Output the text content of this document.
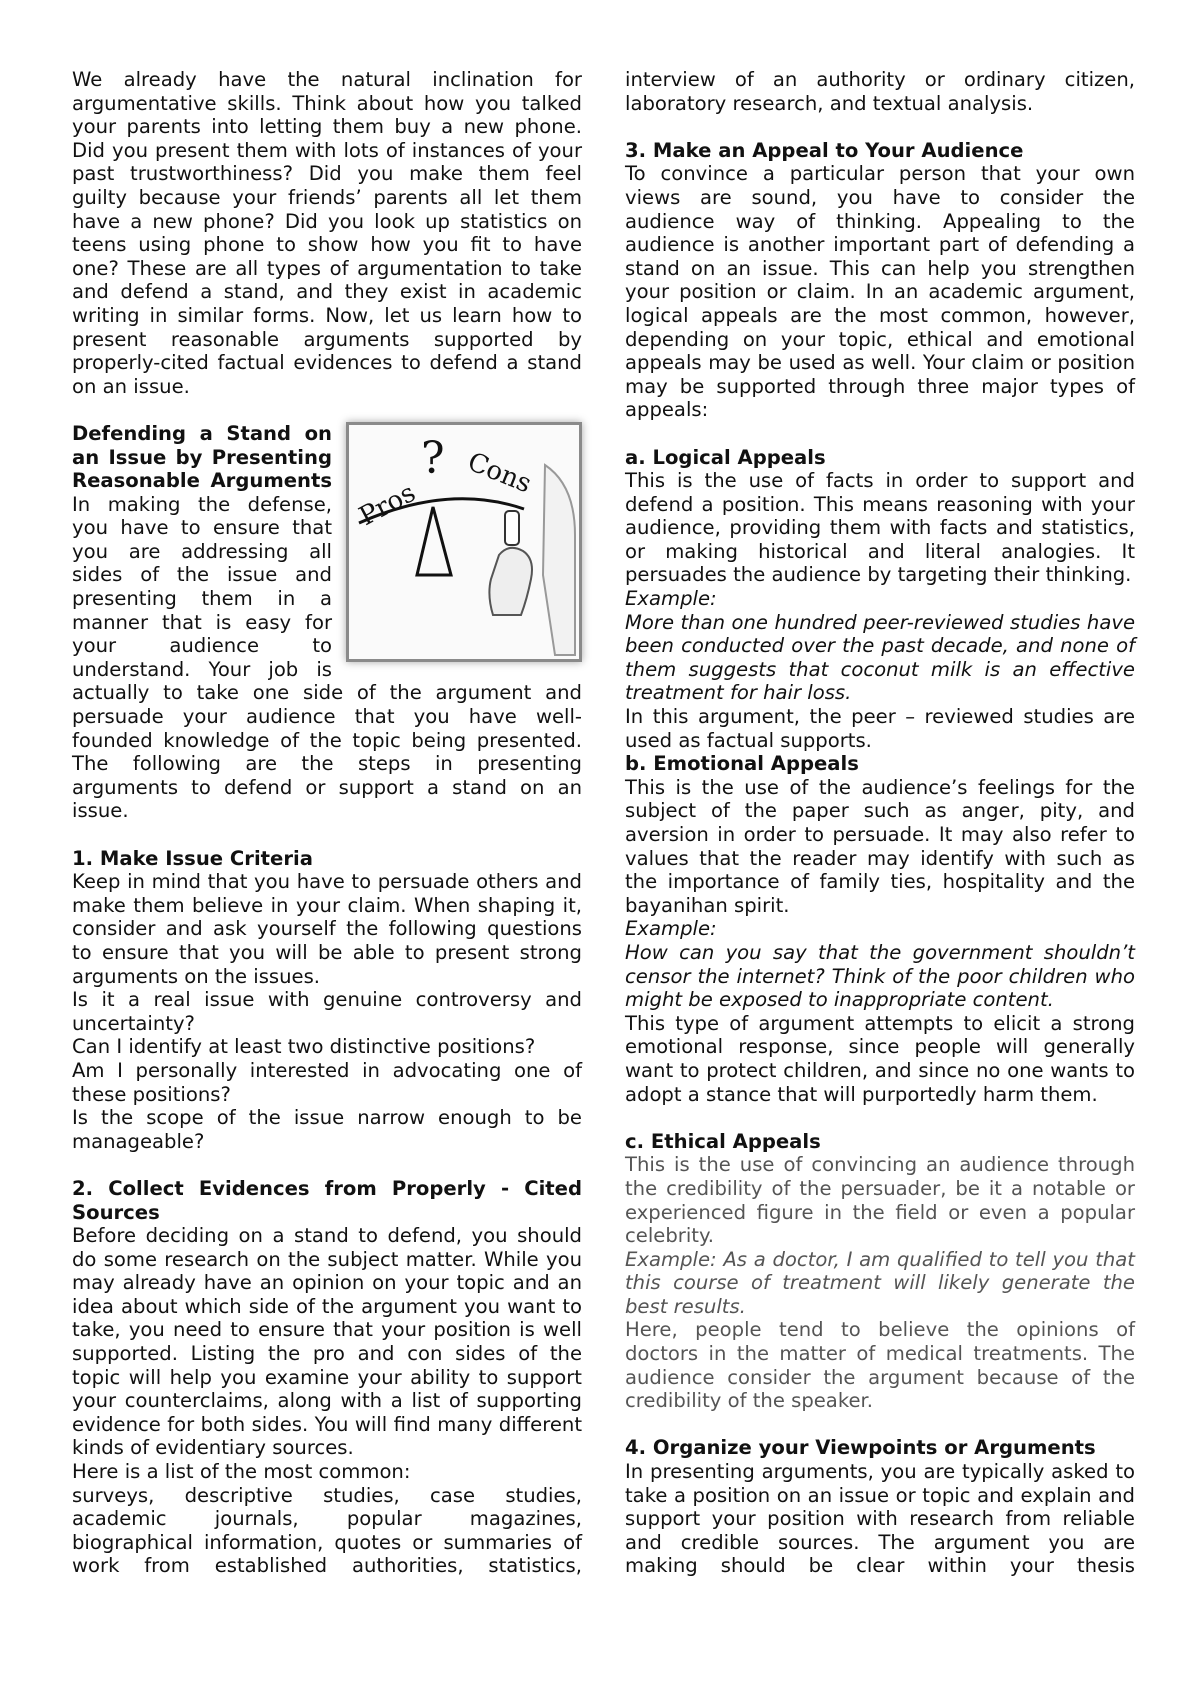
We already have the natural inclination for argumentative skills. Think about how you talked your parents into letting them buy a new phone. Did you present them with lots of instances of your past trustworthiness? Did you make them feel guilty because your friends’ parents all let them have a new phone? Did you look up statistics on teens using phone to show how you fit to have one? These are all types of argumentation to take and defend a stand, and they exist in academic writing in similar forms. Now, let us learn how to present reasonable arguments supported by properly-cited factual evidences to defend a stand on an issue.

Pros
? Cons

Defending a Stand on an Issue by Presenting Reasonable Arguments

In making the defense, you have to ensure that you are addressing all sides of the issue and presenting them in a manner that is easy for your audience to understand. Your job is actually to take one side of the argument and persuade your audience that you have well-founded knowledge of the topic being presented. The following are the steps in presenting arguments to defend or support a stand on an issue.

1. Make Issue Criteria

Keep in mind that you have to persuade others and make them believe in your claim. When shaping it, consider and ask yourself the following questions to ensure that you will be able to present strong arguments on the issues.

Is it a real issue with genuine controversy and uncertainty?

Can I identify at least two distinctive positions?

Am I personally interested in advocating one of these positions?

Is the scope of the issue narrow enough to be manageable?

2. Collect Evidences from Properly - Cited Sources

Before deciding on a stand to defend, you should do some research on the subject matter. While you may already have an opinion on your topic and an idea about which side of the argument you want to take, you need to ensure that your position is well supported. Listing the pro and con sides of the topic will help you examine your ability to support your counterclaims, along with a list of supporting evidence for both sides. You will find many different kinds of evidentiary sources.

Here is a list of the most common:

surveys, descriptive studies, case studies, academic journals, popular magazines, biographical information, quotes or summaries of work from established authorities, statistics,

interview of an authority or ordinary citizen, laboratory research, and textual analysis.

3. Make an Appeal to Your Audience

To convince a particular person that your own views are sound, you have to consider the audience way of thinking. Appealing to the audience is another important part of defending a stand on an issue. This can help you strengthen your position or claim. In an academic argument, logical appeals are the most common, however, depending on your topic, ethical and emotional appeals may be used as well. Your claim or position may be supported through three major types of appeals:

a. Logical Appeals

This is the use of facts in order to support and defend a position. This means reasoning with your audience, providing them with facts and statistics, or making historical and literal analogies. It persuades the audience by targeting their thinking.

Example:

More than one hundred peer-reviewed studies have been conducted over the past decade, and none of them suggests that coconut milk is an effective treatment for hair loss.

In this argument, the peer – reviewed studies are used as factual supports.

b. Emotional Appeals

This is the use of the audience’s feelings for the subject of the paper such as anger, pity, and aversion in order to persuade. It may also refer to values that the reader may identify with such as the importance of family ties, hospitality and the bayanihan spirit.

Example:

How can you say that the government shouldn’t censor the internet? Think of the poor children who might be exposed to inappropriate content.

This type of argument attempts to elicit a strong emotional response, since people will generally want to protect children, and since no one wants to adopt a stance that will purportedly harm them.

c. Ethical Appeals

This is the use of convincing an audience through the credibility of the persuader, be it a notable or experienced figure in the field or even a popular celebrity.

Example: As a doctor, I am qualified to tell you that this course of treatment will likely generate the best results.

Here, people tend to believe the opinions of doctors in the matter of medical treatments. The audience consider the argument because of the credibility of the speaker.

4. Organize your Viewpoints or Arguments

In presenting arguments, you are typically asked to take a position on an issue or topic and explain and support your position with research from reliable and credible sources. The argument you are making should be clear within your thesis
